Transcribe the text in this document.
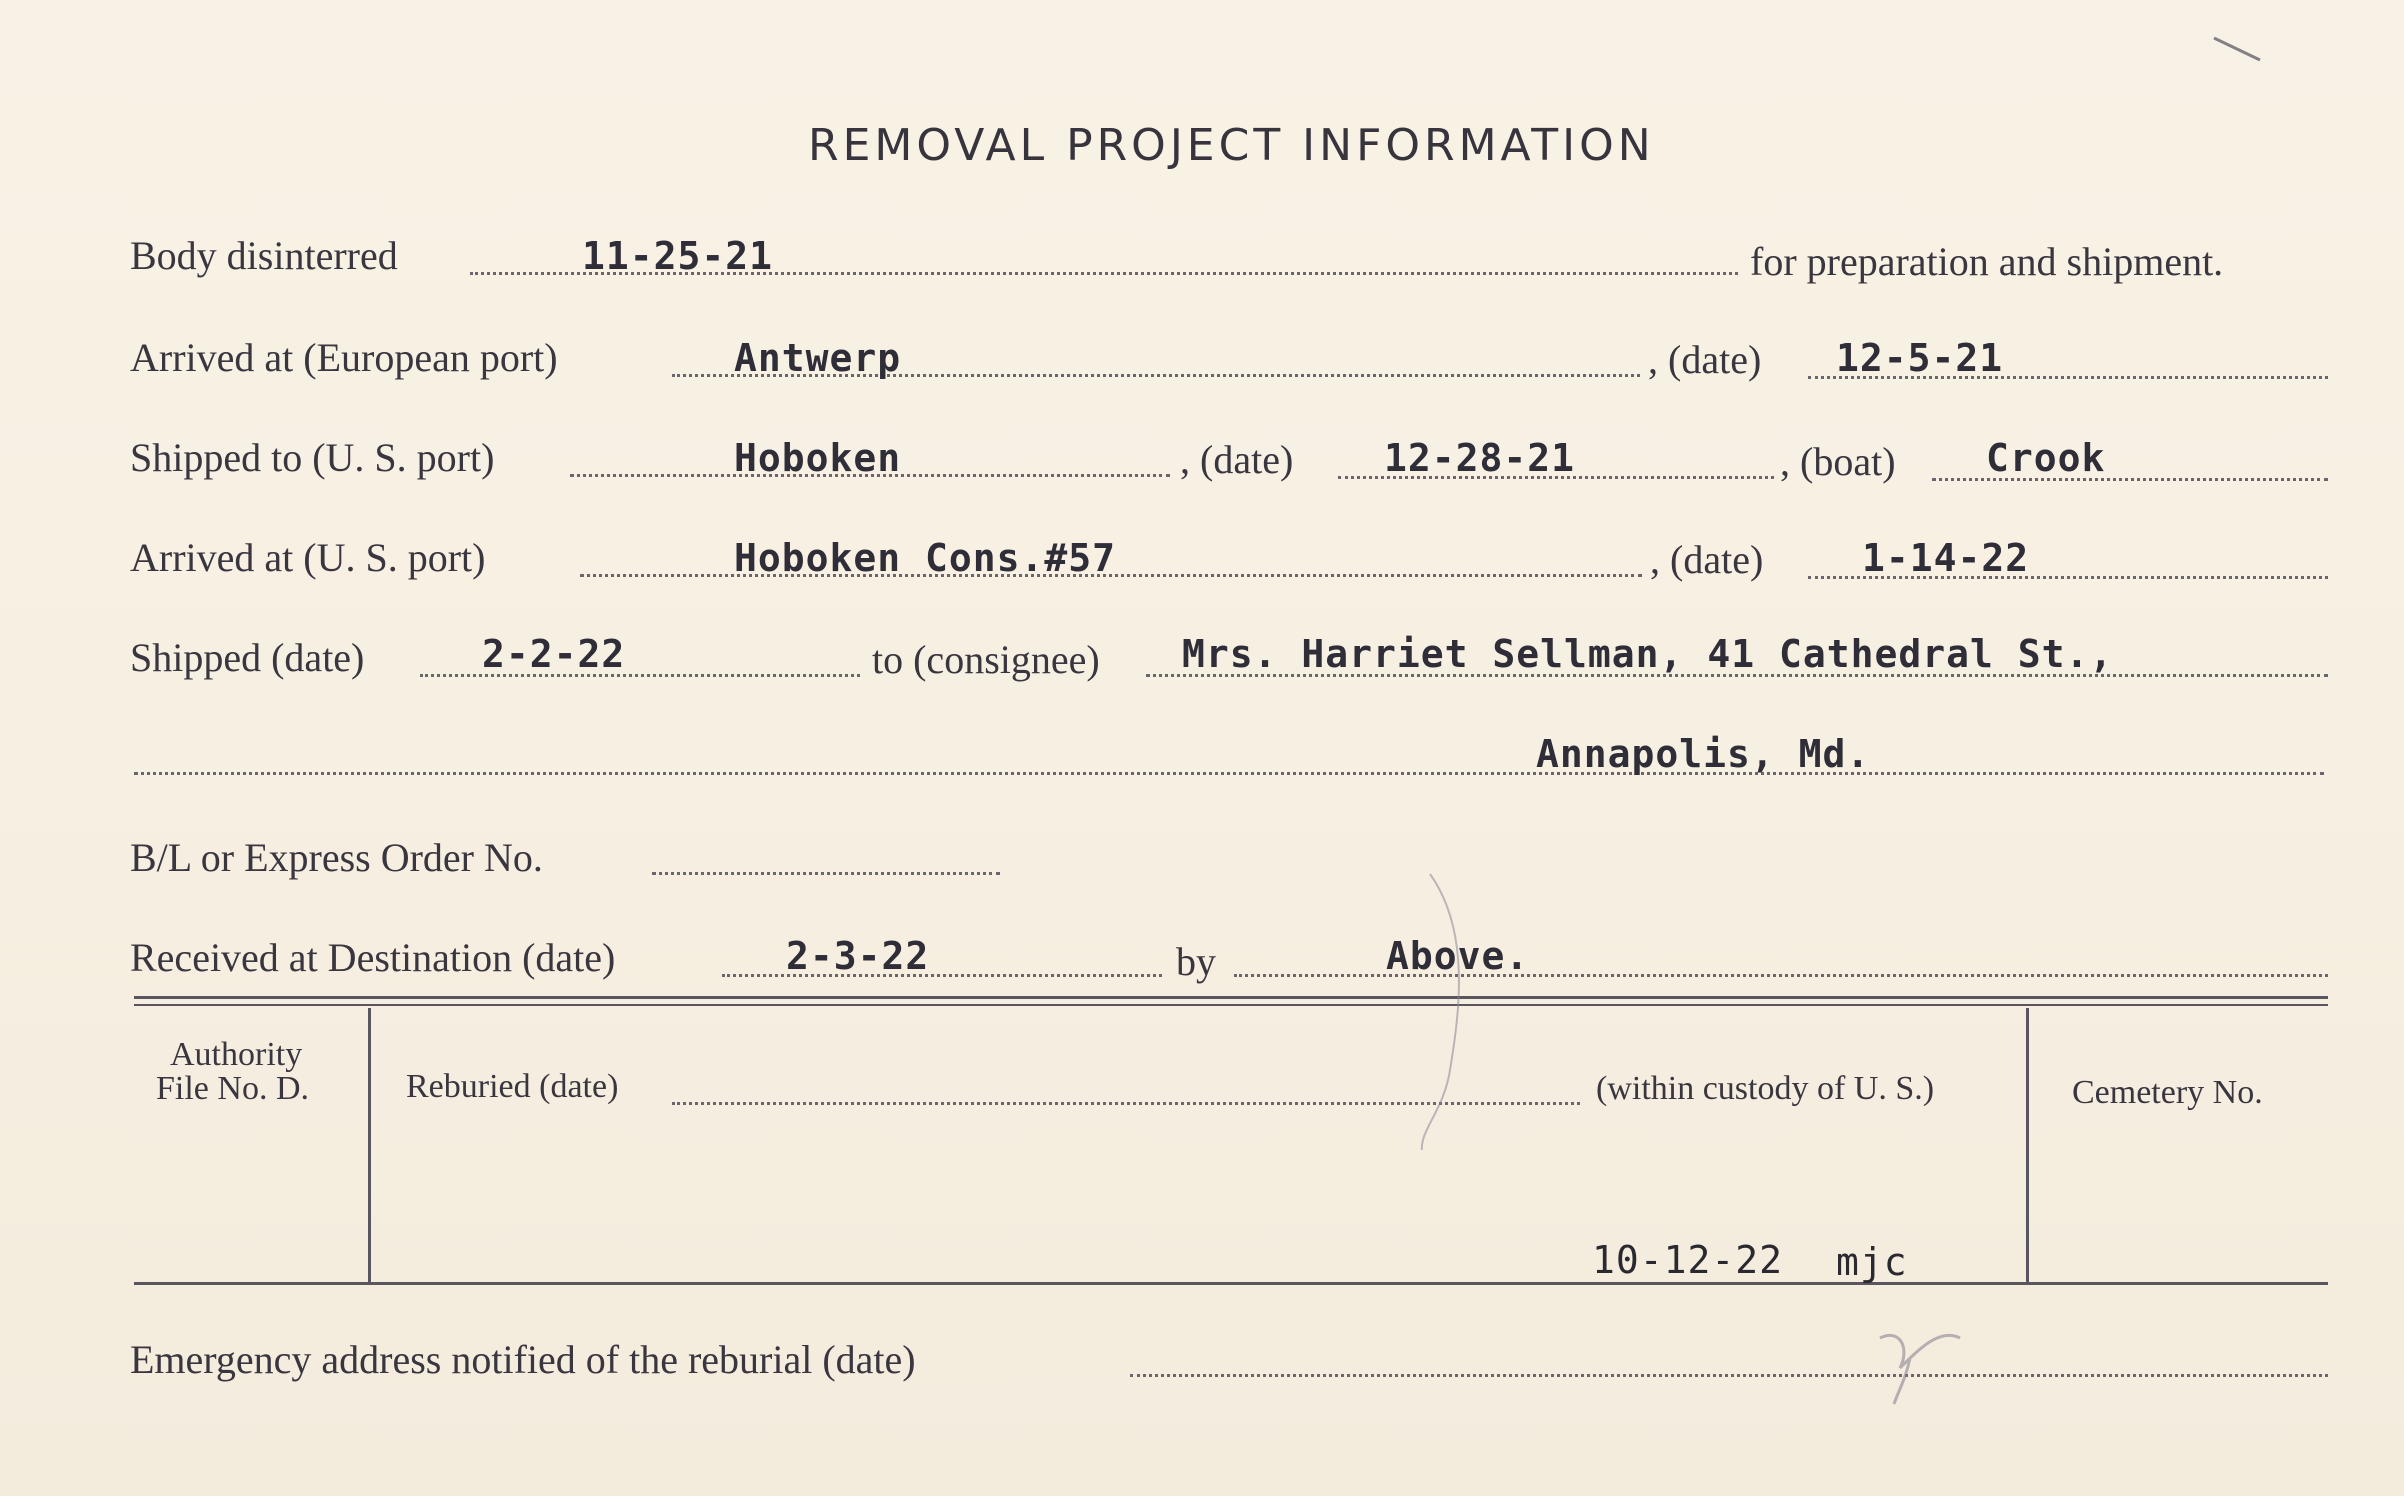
REMOVAL PROJECT INFORMATION
Body disinterred	11-25-21	for preparation and shipment.
Arrived at (European port)	Antwerp	, (date) 12-5-21
Shipped to (U. S. port)	Hoboken	, (date) 12-28-21	, (boat) Crook
Arrived at (U. S. port)	Hoboken Cons.#57	, (date)	1-14-22
Shipped (date)	2-2-22	to (consignee) Mrs. Harriet Sellman, 41 Cathedral St.,
Annapolis, Md.
B/L or Express Order No.
Received at Destination (date)	2-3-22	by	Above.
Authority
File No. D.	Reburied (date)	(within custody of U. S.)	Cemetery No.
10-12-22 mjc
Emergency address notified of the reburial (date)
